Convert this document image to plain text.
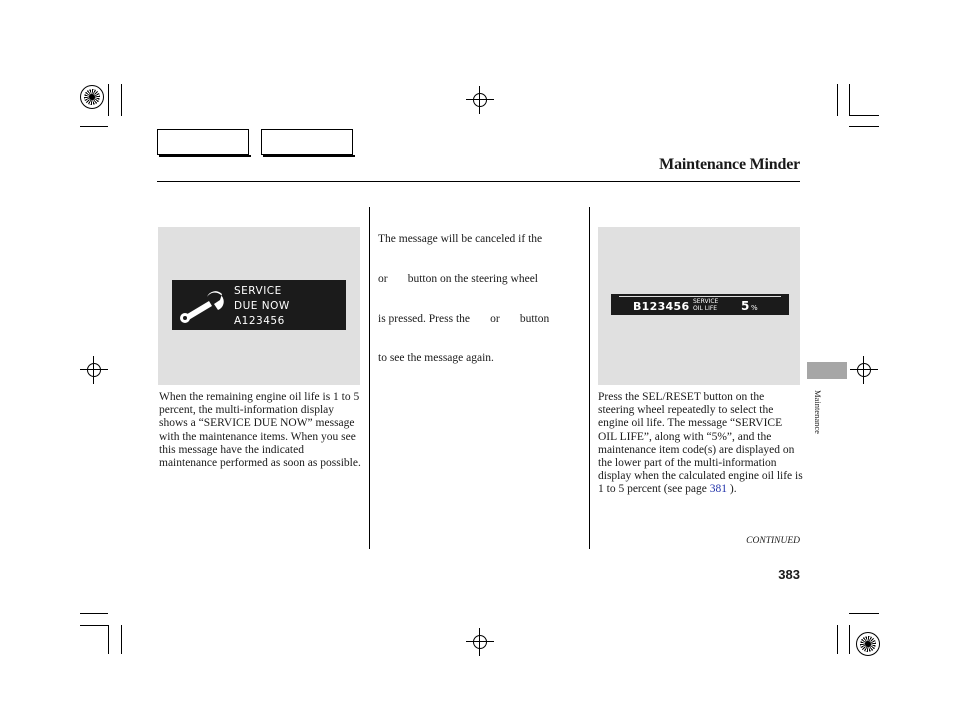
Maintenance Minder
SERVICE
DUE NOW
A123456
B123456 SERVICE
OIL LIFE	5 %
When the remaining engine oil life is 1 to 5 percent, the multi-information display shows a “SERVICE DUE NOW” message with the maintenance items. When you see this message have the indicated maintenance performed as soon as possible.

The message will be canceled if the

or       button on the steering wheel

is pressed. Press the       or       button

to see the message again.

Press the SEL/RESET button on the steering wheel repeatedly to select the engine oil life. The message “SERVICE OIL LIFE”, along with “5%”, and the maintenance item code(s) are displayed on the lower part of the multi-information display when the calculated engine oil life is 1 to 5 percent (see page 381 ).
Maintenance
CONTINUED
383
